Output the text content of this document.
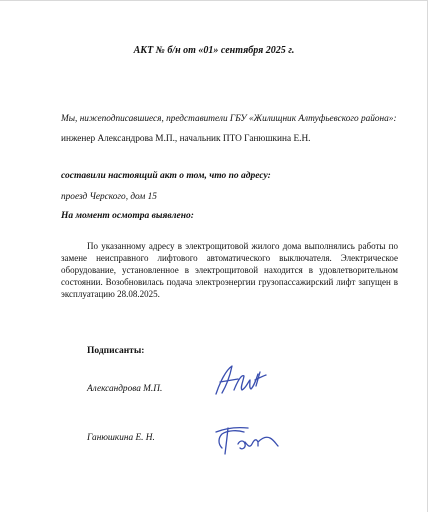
АКТ № б/н от «01» сентября 2025 г.
Мы, нижеподписавшиеся, представители ГБУ «Жилищник Алтуфьевского района»: инженер Александрова М.П., начальник ПТО Ганюшкина Е.Н.
составили настоящий акт о том, что по адресу:
проезд Черского, дом 15
На момент осмотра выявлено:
По указанному адресу в электрощитовой жилого дома выполнялись работы по замене неисправного лифтового автоматического выключателя. Электрическое оборудование, установленное в электрощитовой находится в удовлетворительном состоянии. Возобновилась подача электроэнергии грузопассажирский лифт запущен в эксплуатацию 28.08.2025.
Подписанты:
Александрова М.П.
Ганюшкина Е. Н.
